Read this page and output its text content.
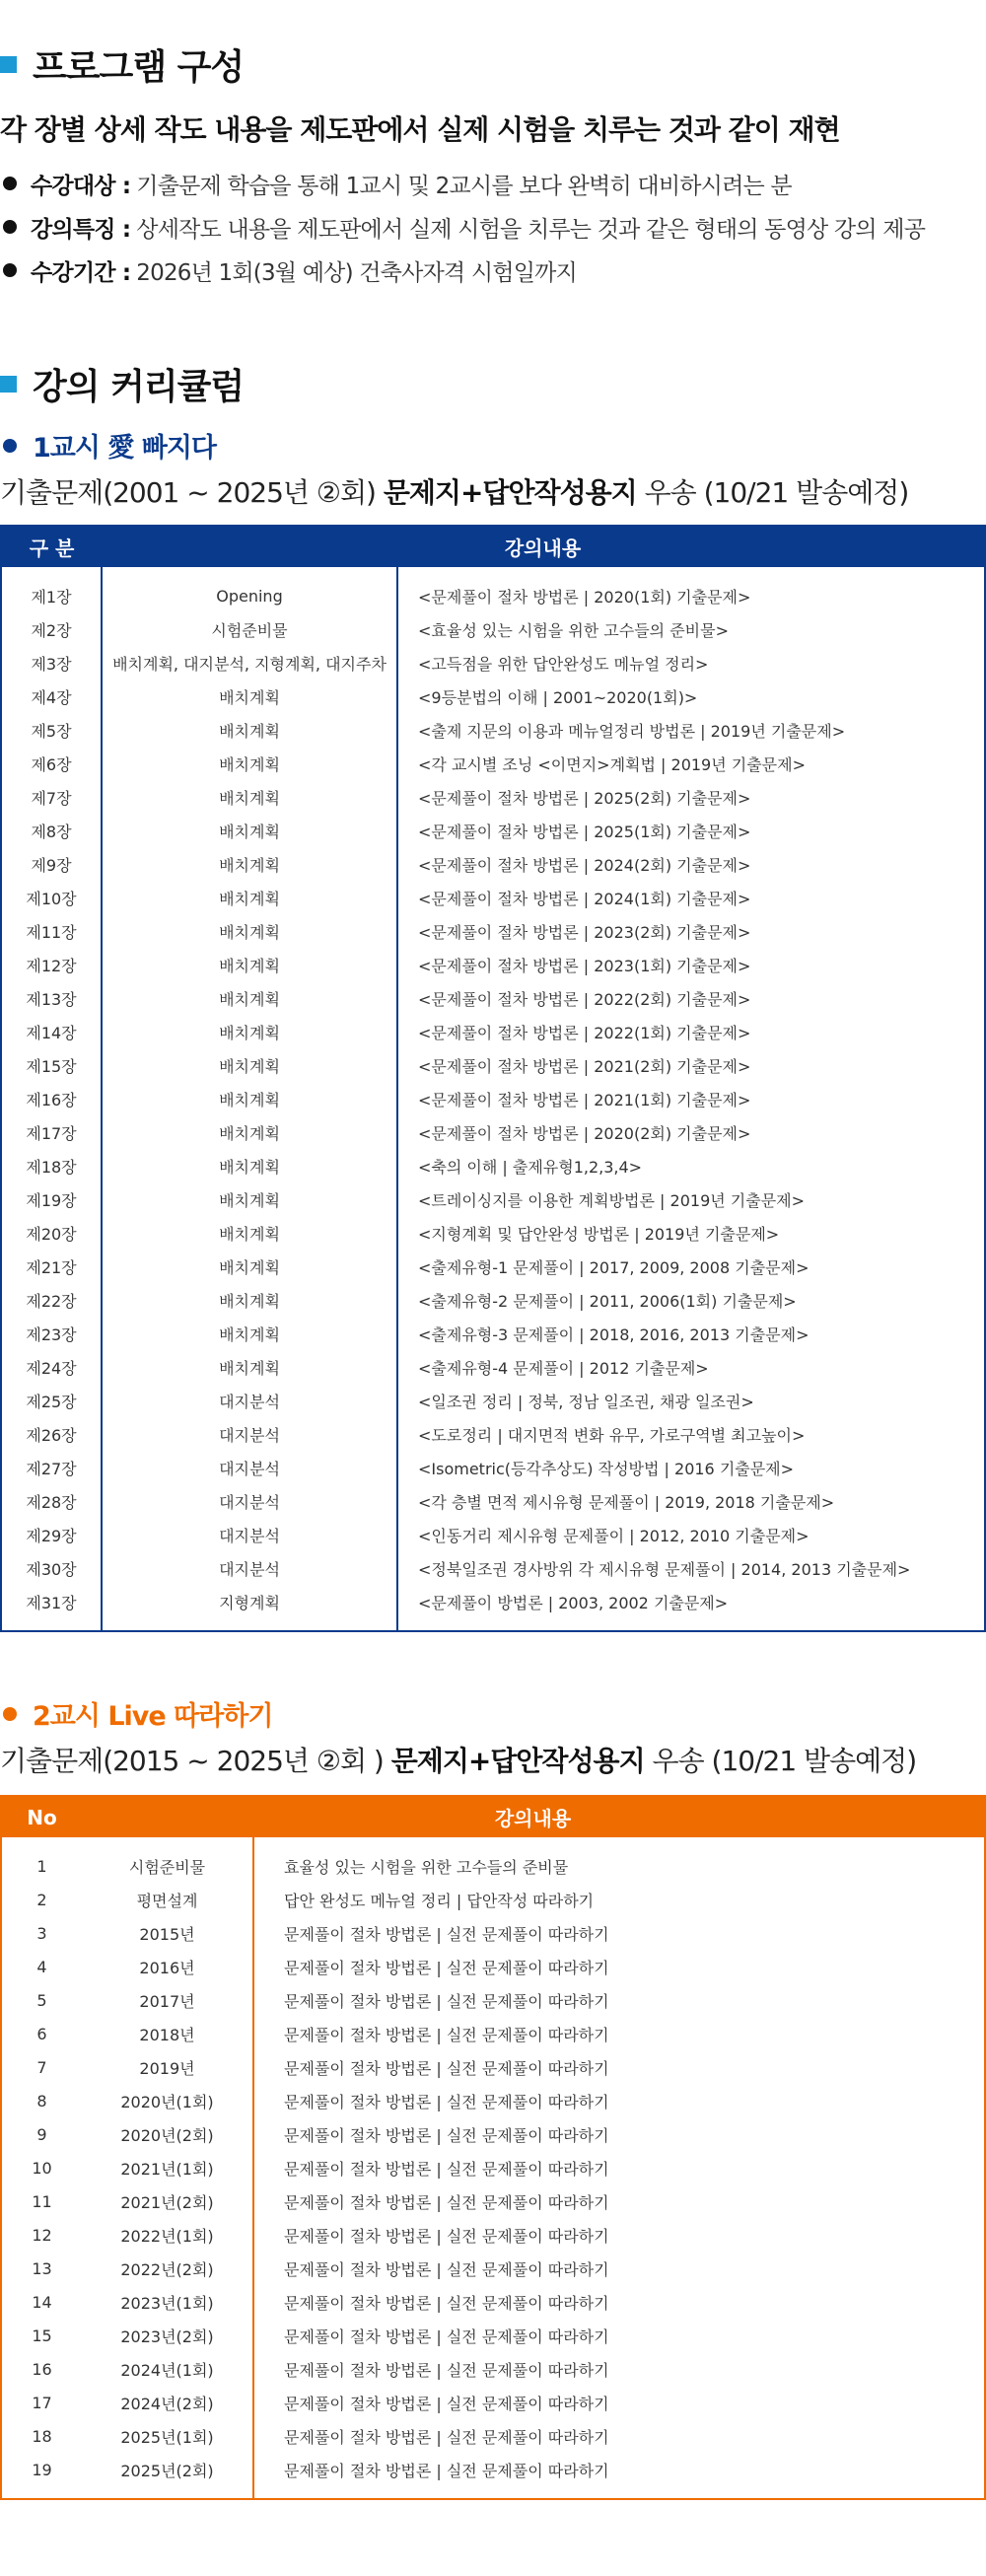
프로그램 구성
각 장별 상세 작도 내용을 제도판에서 실제 시험을 치루는 것과 같이 재현
수강대상 : 기출문제 학습을 통해 1교시 및 2교시를 보다 완벽히 대비하시려는 분
강의특징 : 상세작도 내용을 제도판에서 실제 시험을 치루는 것과 같은 형태의 동영상 강의 제공
수강기간 : 2026년 1회(3월 예상) 건축사자격 시험일까지
강의 커리큘럼
1교시 愛 빠지다
기출문제(2001 ~ 2025년 ②회) 문제지+답안작성용지 우송 (10/21 발송예정)
구 분	강의내용	

제1장	Opening	<문제풀이 절차 방법론 | 2020(1회) 기출문제>
제2장	시험준비물	<효율성 있는 시험을 위한 고수들의 준비물>
제3장	배치계획, 대지분석, 지형계획, 대지주차	<고득점을 위한 답안완성도 메뉴얼 정리>
제4장	배치계획	<9등분법의 이해 | 2001~2020(1회)>
제5장	배치계획	<출제 지문의 이용과 메뉴얼정리 방법론 | 2019년 기출문제>
제6장	배치계획	<각 교시별 조닝 <이면지>계획법 | 2019년 기출문제>
제7장	배치계획	<문제풀이 절차 방법론 | 2025(2회) 기출문제>
제8장	배치계획	<문제풀이 절차 방법론 | 2025(1회) 기출문제>
제9장	배치계획	<문제풀이 절차 방법론 | 2024(2회) 기출문제>
제10장	배치계획	<문제풀이 절차 방법론 | 2024(1회) 기출문제>
제11장	배치계획	<문제풀이 절차 방법론 | 2023(2회) 기출문제>
제12장	배치계획	<문제풀이 절차 방법론 | 2023(1회) 기출문제>
제13장	배치계획	<문제풀이 절차 방법론 | 2022(2회) 기출문제>
제14장	배치계획	<문제풀이 절차 방법론 | 2022(1회) 기출문제>
제15장	배치계획	<문제풀이 절차 방법론 | 2021(2회) 기출문제>
제16장	배치계획	<문제풀이 절차 방법론 | 2021(1회) 기출문제>
제17장	배치계획	<문제풀이 절차 방법론 | 2020(2회) 기출문제>
제18장	배치계획	<축의 이해 | 출제유형1,2,3,4>
제19장	배치계획	<트레이싱지를 이용한 계획방법론 | 2019년 기출문제>
제20장	배치계획	<지형계획 및 답안완성 방법론 | 2019년 기출문제>
제21장	배치계획	<출제유형-1 문제풀이 | 2017, 2009, 2008 기출문제>
제22장	배치계획	<출제유형-2 문제풀이 | 2011, 2006(1회) 기출문제>
제23장	배치계획	<출제유형-3 문제풀이 | 2018, 2016, 2013 기출문제>
제24장	배치계획	<출제유형-4 문제풀이 | 2012 기출문제>
제25장	대지분석	<일조권 정리 | 정북, 정남 일조권, 채광 일조권>
제26장	대지분석	<도로정리 | 대지면적 변화 유무, 가로구역별 최고높이>
제27장	대지분석	<Isometric(등각추상도) 작성방법 | 2016 기출문제>
제28장	대지분석	<각 층별 면적 제시유형 문제풀이 | 2019, 2018 기출문제>
제29장	대지분석	<인동거리 제시유형 문제풀이 | 2012, 2010 기출문제>
제30장	대지분석	<정북일조권 경사방위 각 제시유형 문제풀이 | 2014, 2013 기출문제>
제31장	지형계획	<문제풀이 방법론 | 2003, 2002 기출문제>

2교시 Live 따라하기
기출문제(2015 ~ 2025년 ②회 ) 문제지+답안작성용지 우송 (10/21 발송예정)
No	강의내용	

1	시험준비물	효율성 있는 시험을 위한 고수들의 준비물
2	평면설계	답안 완성도 메뉴얼 정리 | 답안작성 따라하기
3	2015년	문제풀이 절차 방법론 | 실전 문제풀이 따라하기
4	2016년	문제풀이 절차 방법론 | 실전 문제풀이 따라하기
5	2017년	문제풀이 절차 방법론 | 실전 문제풀이 따라하기
6	2018년	문제풀이 절차 방법론 | 실전 문제풀이 따라하기
7	2019년	문제풀이 절차 방법론 | 실전 문제풀이 따라하기
8	2020년(1회)	문제풀이 절차 방법론 | 실전 문제풀이 따라하기
9	2020년(2회)	문제풀이 절차 방법론 | 실전 문제풀이 따라하기
10	2021년(1회)	문제풀이 절차 방법론 | 실전 문제풀이 따라하기
11	2021년(2회)	문제풀이 절차 방법론 | 실전 문제풀이 따라하기
12	2022년(1회)	문제풀이 절차 방법론 | 실전 문제풀이 따라하기
13	2022년(2회)	문제풀이 절차 방법론 | 실전 문제풀이 따라하기
14	2023년(1회)	문제풀이 절차 방법론 | 실전 문제풀이 따라하기
15	2023년(2회)	문제풀이 절차 방법론 | 실전 문제풀이 따라하기
16	2024년(1회)	문제풀이 절차 방법론 | 실전 문제풀이 따라하기
17	2024년(2회)	문제풀이 절차 방법론 | 실전 문제풀이 따라하기
18	2025년(1회)	문제풀이 절차 방법론 | 실전 문제풀이 따라하기
19	2025년(2회)	문제풀이 절차 방법론 | 실전 문제풀이 따라하기
